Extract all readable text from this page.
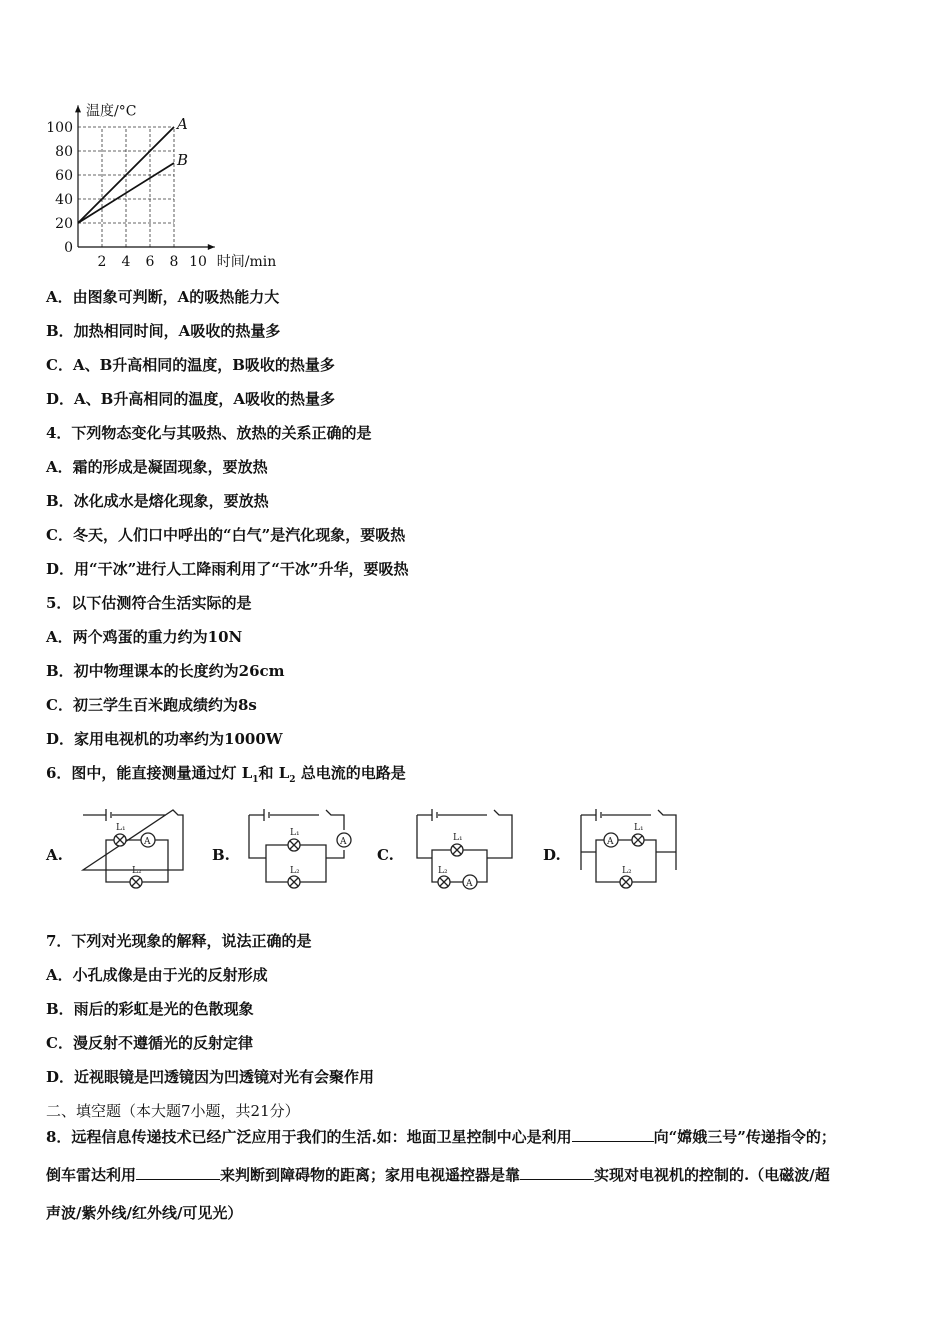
0
20
40
60
80
100
2 4 6 8 10
温度/°C
时间/min
A
B
A．由图象可判断，A的吸热能力大
B．加热相同时间，A吸收的热量多
C．A、B升高相同的温度，B吸收的热量多
D．A、B升高相同的温度，A吸收的热量多
4．下列物态变化与其吸热、放热的关系正确的是
A．霜的形成是凝固现象，要放热
B．冰化成水是熔化现象，要放热
C．冬天，人们口中呼出的“白气”是汽化现象，要吸热
D．用“干冰”进行人工降雨利用了“干冰”升华，要吸热
5．以下估测符合生活实际的是
A．两个鸡蛋的重力约为10N
B．初中物理课本的长度约为26cm
C．初三学生百米跑成绩约为8s
D．家用电视机的功率约为1000W
6．图中，能直接测量通过灯 $L_1$和 $L_2$ 总电流的电路是
A.	B.	C.	D.
L₁
A
L₂
A
L₁
L₂
L₁
L₂
A
A
L₁
L₂
7．下列对光现象的解释，说法正确的是
A．小孔成像是由于光的反射形成
B．雨后的彩虹是光的色散现象
C．漫反射不遵循光的反射定律
D．近视眼镜是凹透镜因为凹透镜对光有会聚作用
二、填空题（本大题7小题，共21分）
8．远程信息传递技术已经广泛应用于我们的生活.如：地面卫星控制中心是利用	向“嫦娥三号”传递指令的；
倒车雷达利用	来判断到障碍物的距离；家用电视遥控器是靠	实现对电视机的控制的.（电磁波/超
声波/紫外线/红外线/可见光）
